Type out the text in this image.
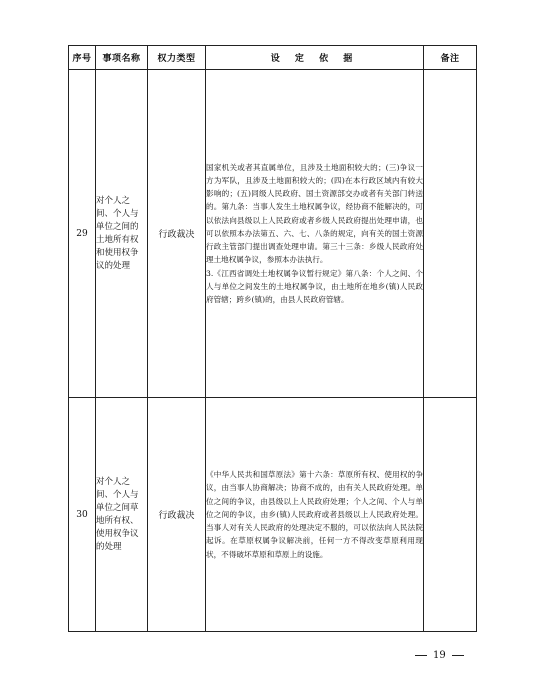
序号	事项名称	权力类型	设 定 依 据	备注
29	对个人之间、个人与单位之间的土地所有权和使用权争议的处理	行政裁决	国家机关或者其直属单位，且涉及土地面积较大的；(三)争议一方为军队，且涉及土地面积较大的；(四)在本行政区域内有较大影响的；(五)同级人民政府、国土资源部交办或者有关部门转送的。第九条：当事人发生土地权属争议，经协商不能解决的，可以依法向县级以上人民政府或者乡级人民政府提出处理申请，也可以依照本办法第五、六、七、八条的规定，向有关的国土资源行政主管部门提出调查处理申请。第三十三条：乡级人民政府处理土地权属争议，参照本办法执行。

3.《江西省调处土地权属争议暂行规定》第八条：个人之间、个人与单位之间发生的土地权属争议，由土地所在地乡(镇)人民政府管辖；跨乡(镇)的，由县人民政府管辖。	

30	对个人之间、个人与单位之间草地所有权、使用权争议的处理	行政裁决	《中华人民共和国草原法》第十六条：草原所有权、使用权的争议，由当事人协商解决；协商不成的，由有关人民政府处理。单位之间的争议，由县级以上人民政府处理；个人之间、个人与单位之间的争议，由乡(镇)人民政府或者县级以上人民政府处理。当事人对有关人民政府的处理决定不服的，可以依法向人民法院起诉。在草原权属争议解决前，任何一方不得改变草原利用现状，不得破坏草原和草原上的设施。	

19
